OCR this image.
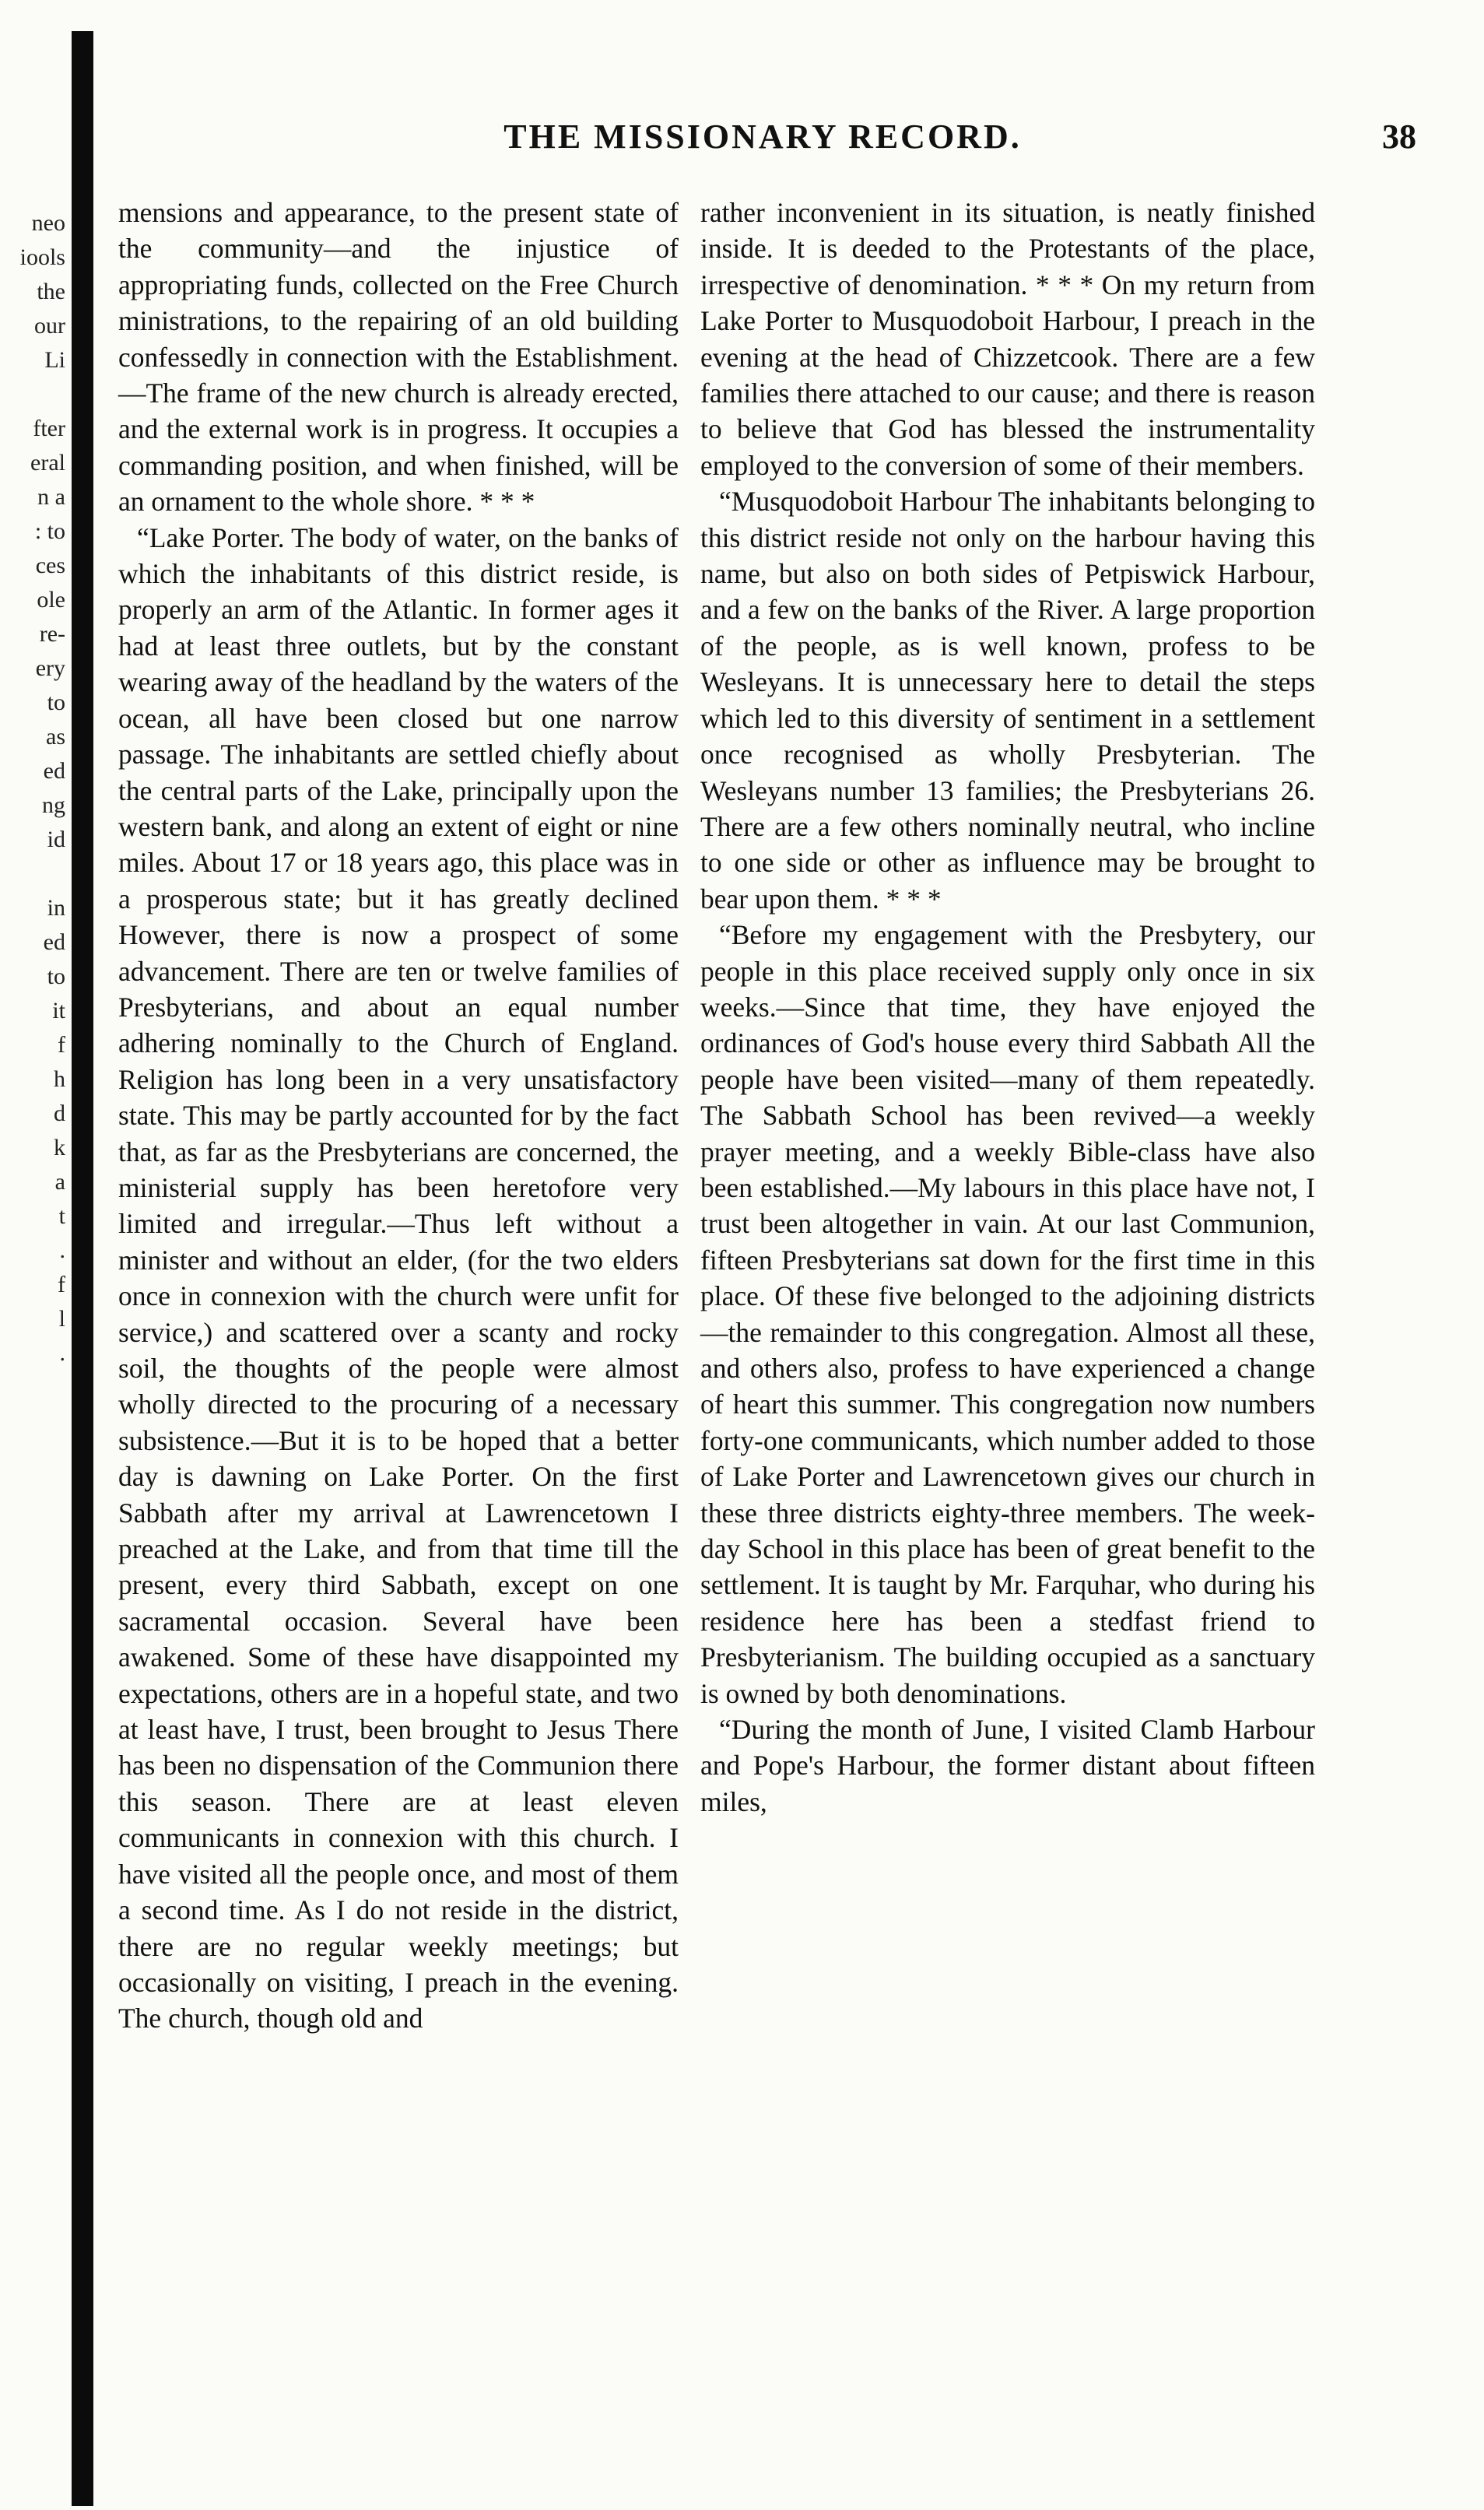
neo
iools
the
our
Li
fter
eral
n a
: to
ces
ole
re-
ery
to
as
ed
ng
id
in
ed
to
it
f
h
d
k
a
t
.
f
l
.
THE MISSIONARY RECORD.	38

mensions and appearance, to the present state of the community—and the injustice of appropriating funds, collected on the Free Church ministrations, to the repairing of an old building confessedly in connection with the Establishment.—The frame of the new church is already erected, and the external work is in progress. It occupies a commanding position, and when finished, will be an ornament to the whole shore. * * *

“Lake Porter. The body of water, on the banks of which the inhabitants of this district reside, is properly an arm of the Atlantic. In former ages it had at least three outlets, but by the constant wearing away of the headland by the waters of the ocean, all have been closed but one narrow passage. The inhabitants are settled chiefly about the central parts of the Lake, principally upon the western bank, and along an extent of eight or nine miles. About 17 or 18 years ago, this place was in a prosperous state; but it has greatly declined However, there is now a prospect of some advancement. There are ten or twelve families of Presbyterians, and about an equal number adhering nominally to the Church of England. Religion has long been in a very unsatisfactory state. This may be partly accounted for by the fact that, as far as the Presbyterians are concerned, the ministerial supply has been heretofore very limited and irregular.—Thus left without a minister and without an elder, (for the two elders once in connexion with the church were unfit for service,) and scattered over a scanty and rocky soil, the thoughts of the people were almost wholly directed to the procuring of a necessary subsistence.—But it is to be hoped that a better day is dawning on Lake Porter. On the first Sabbath after my arrival at Lawrencetown I preached at the Lake, and from that time till the present, every third Sabbath, except on one sacramental occasion. Several have been awakened. Some of these have disappointed my expectations, others are in a hopeful state, and two at least have, I trust, been brought to Jesus There has been no dispensation of the Communion there this season. There are at least eleven communicants in connexion with this church. I have visited all the people once, and most of them a second time. As I do not reside in the district, there are no regular weekly meetings; but occasionally on visiting, I preach in the evening. The church, though old and

rather inconvenient in its situation, is neatly finished inside. It is deeded to the Protestants of the place, irrespective of denomination. * * * On my return from Lake Porter to Musquodoboit Harbour, I preach in the evening at the head of Chizzetcook. There are a few families there attached to our cause; and there is reason to believe that God has blessed the instrumentality employed to the conversion of some of their members.

“Musquodoboit Harbour The inhabitants belonging to this district reside not only on the harbour having this name, but also on both sides of Petpiswick Harbour, and a few on the banks of the River. A large proportion of the people, as is well known, profess to be Wesleyans. It is unnecessary here to detail the steps which led to this diversity of sentiment in a settlement once recognised as wholly Presbyterian. The Wesleyans number 13 families; the Presbyterians 26. There are a few others nominally neutral, who incline to one side or other as influence may be brought to bear upon them. * * *

“Before my engagement with the Presbytery, our people in this place received supply only once in six weeks.—Since that time, they have enjoyed the ordinances of God's house every third Sabbath All the people have been visited—many of them repeatedly. The Sabbath School has been revived—a weekly prayer meeting, and a weekly Bible-class have also been established.—My labours in this place have not, I trust been altogether in vain. At our last Communion, fifteen Presbyterians sat down for the first time in this place. Of these five belonged to the adjoining districts—the remainder to this congregation. Almost all these, and others also, profess to have experienced a change of heart this summer. This congregation now numbers forty-one communicants, which number added to those of Lake Porter and Lawrencetown gives our church in these three districts eighty-three members. The week-day School in this place has been of great benefit to the settlement. It is taught by Mr. Farquhar, who during his residence here has been a stedfast friend to Presbyterianism. The building occupied as a sanctuary is owned by both denominations.

“During the month of June, I visited Clamb Harbour and Pope's Harbour, the former distant about fifteen miles,
